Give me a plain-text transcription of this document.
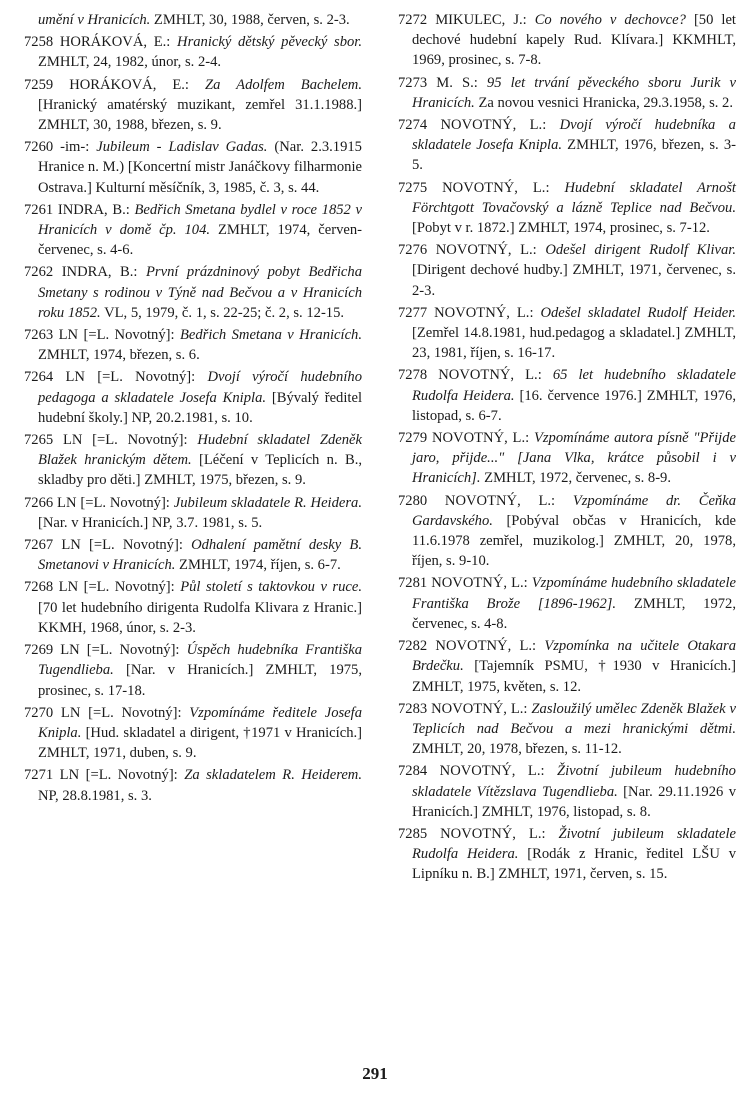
umění v Hranicích. ZMHLT, 30, 1988, červen, s. 2-3.

7258 HORÁKOVÁ, E.: Hranický dětský pěvecký sbor. ZMHLT, 24, 1982, únor, s. 2-4.

7259 HORÁKOVÁ, E.: Za Adolfem Bachelem. [Hranický amatérský muzikant, zemřel 31.1.1988.] ZMHLT, 30, 1988, březen, s. 9.

7260 -im-: Jubileum - Ladislav Gadas. (Nar. 2.3.1915 Hranice n. M.) [Koncertní mistr Janáčkovy filharmonie Ostrava.] Kulturní měsíčník, 3, 1985, č. 3, s. 44.

7261 INDRA, B.: Bedřich Smetana bydlel v roce 1852 v Hranicích v domě čp. 104. ZMHLT, 1974, červen-červenec, s. 4-6.

7262 INDRA, B.: První prázdninový pobyt Bedřicha Smetany s rodinou v Týně nad Bečvou a v Hranicích roku 1852. VL, 5, 1979, č. 1, s. 22-25; č. 2, s. 12-15.

7263 LN [=L. Novotný]: Bedřich Smetana v Hranicích. ZMHLT, 1974, březen, s. 6.

7264 LN [=L. Novotný]: Dvojí výročí hudebního pedagoga a skladatele Josefa Knipla. [Bývalý ředitel hudební školy.] NP, 20.2.1981, s. 10.

7265 LN [=L. Novotný]: Hudební skladatel Zdeněk Blažek hranickým dětem. [Léčení v Teplicích n. B., skladby pro děti.] ZMHLT, 1975, březen, s. 9.

7266 LN [=L. Novotný]: Jubileum skladatele R. Heidera. [Nar. v Hranicích.] NP, 3.7. 1981, s. 5.

7267 LN [=L. Novotný]: Odhalení pamětní desky B. Smetanovi v Hranicích. ZMHLT, 1974, říjen, s. 6-7.

7268 LN [=L. Novotný]: Půl století s taktovkou v ruce. [70 let hudebního dirigenta Rudolfa Klivara z Hranic.] KKMH, 1968, únor, s. 2-3.

7269 LN [=L. Novotný]: Úspěch hudebníka Františka Tugendlieba. [Nar. v Hranicích.] ZMHLT, 1975, prosinec, s. 17-18.

7270 LN [=L. Novotný]: Vzpomínáme ředitele Josefa Knipla. [Hud. skladatel a dirigent, †1971 v Hranicích.] ZMHLT, 1971, duben, s. 9.

7271 LN [=L. Novotný]: Za skladatelem R. Heiderem. NP, 28.8.1981, s. 3.

7272 MIKULEC, J.: Co nového v dechovce? [50 let dechové hudební kapely Rud. Klívara.] KKMHLT, 1969, prosinec, s. 7-8.

7273 M. S.: 95 let trvání pěveckého sboru Jurik v Hranicích. Za novou vesnici Hranicka, 29.3.1958, s. 2.

7274 NOVOTNÝ, L.: Dvojí výročí hudebníka a skladatele Josefa Knipla. ZMHLT, 1976, březen, s. 3-5.

7275 NOVOTNÝ, L.: Hudební skladatel Arnošt Förchtgott Tovačovský a lázně Teplice nad Bečvou. [Pobyt v r. 1872.] ZMHLT, 1974, prosinec, s. 7-12.

7276 NOVOTNÝ, L.: Odešel dirigent Rudolf Klivar. [Dirigent dechové hudby.] ZMHLT, 1971, červenec, s. 2-3.

7277 NOVOTNÝ, L.: Odešel skladatel Rudolf Heider. [Zemřel 14.8.1981, hud.pedagog a skladatel.] ZMHLT, 23, 1981, říjen, s. 16-17.

7278 NOVOTNÝ, L.: 65 let hudebního skladatele Rudolfa Heidera. [16. července 1976.] ZMHLT, 1976, listopad, s. 6-7.

7279 NOVOTNÝ, L.: Vzpomínáme autora písně "Přijde jaro, přijde..." [Jana Vlka, krátce působil i v Hranicích]. ZMHLT, 1972, červenec, s. 8-9.

7280 NOVOTNÝ, L.: Vzpomínáme dr. Čeňka Gardavského. [Pobýval občas v Hranicích, kde 11.6.1978 zemřel, muzikolog.] ZMHLT, 20, 1978, říjen, s. 9-10.

7281 NOVOTNÝ, L.: Vzpomínáme hudebního skladatele Františka Brože [1896-1962]. ZMHLT, 1972, červenec, s. 4-8.

7282 NOVOTNÝ, L.: Vzpomínka na učitele Otakara Brdečku. [Tajemník PSMU, †1930 v Hranicích.] ZMHLT, 1975, květen, s. 12.

7283 NOVOTNÝ, L.: Zasloužilý umělec Zdeněk Blažek v Teplicích nad Bečvou a mezi hranickými dětmi. ZMHLT, 20, 1978, březen, s. 11-12.

7284 NOVOTNÝ, L.: Životní jubileum hudebního skladatele Vítězslava Tugendlieba. [Nar. 29.11.1926 v Hranicích.] ZMHLT, 1976, listopad, s. 8.

7285 NOVOTNÝ, L.: Životní jubileum skladatele Rudolfa Heidera. [Rodák z Hranic, ředitel LŠU v Lipníku n. B.] ZMHLT, 1971, červen, s. 15.

291
